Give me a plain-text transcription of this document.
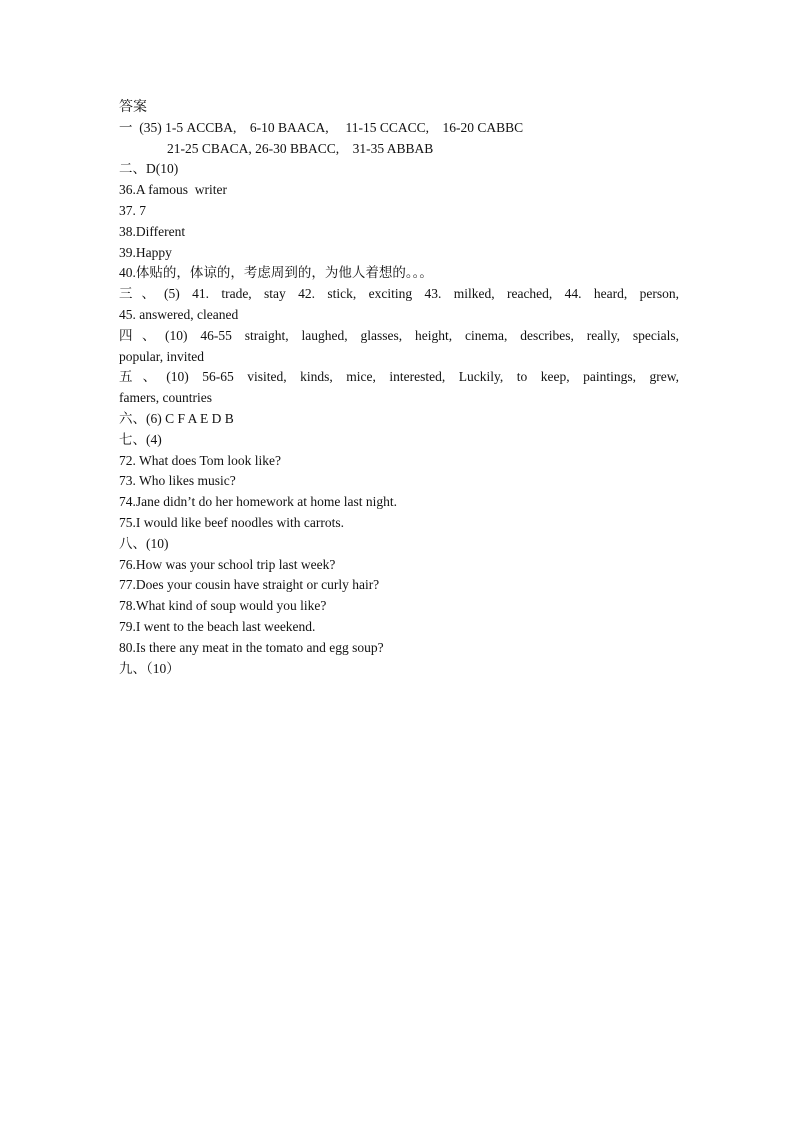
答案
一  (35) 1-5 ACCBA,    6-10 BAACA,     11-15 CCACC,    16-20 CABBC
21-25 CBACA, 26-30 BBACC,    31-35 ABBAB
二、D(10)
36.A famous  writer
37. 7
38.Different
39.Happy
40.体贴的，体谅的，考虑周到的，为他人着想的。。。
三、(5) 41. trade, stay 42. stick, exciting 43. milked, reached, 44. heard, person,
45. answered, cleaned
四、(10) 46-55 straight, laughed, glasses, height, cinema, describes, really, specials,
popular, invited
五、(10) 56-65 visited, kinds, mice, interested, Luckily, to keep, paintings, grew,
famers, countries
六、(6) C F A E D B
七、(4)
72. What does Tom look like?
73. Who likes music?
74.Jane didn’t do her homework at home last night.
75.I would like beef noodles with carrots.
八、(10)
76.How was your school trip last week?
77.Does your cousin have straight or curly hair?
78.What kind of soup would you like?
79.I went to the beach last weekend.
80.Is there any meat in the tomato and egg soup?
九、（10）
